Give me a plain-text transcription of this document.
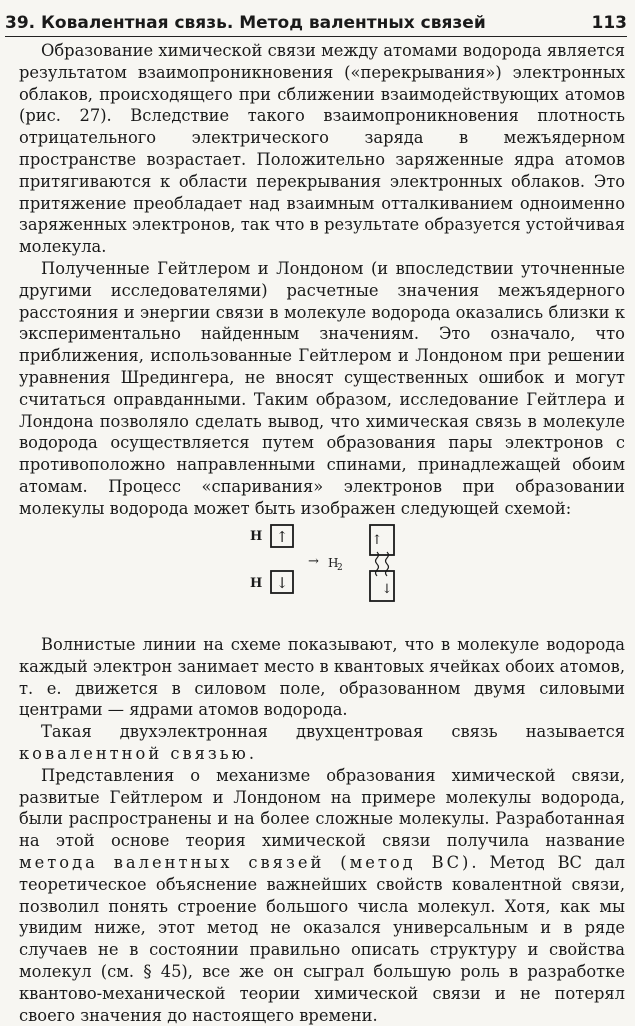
39. Ковалентная связь. Метод валентных связей	113

Образование химической связи между атомами водорода является результатом взаимопроникновения («перекрывания») электронных облаков, происходящего при сближении взаимодействующих атомов (рис. 27). Вследствие такого взаимопроникновения плотность отрицательного электрического заряда в межъядерном пространстве возрастает. Положительно заряженные ядра атомов притягиваются к области перекрывания электронных облаков. Это притяжение преобладает над взаимным отталкиванием одноименно заряженных электронов, так что в результате образуется устойчивая молекула.

Полученные Гейтлером и Лондоном (и впоследствии уточненные другими исследователями) расчетные значения межъядерного расстояния и энергии связи в молекуле водорода оказались близки к экспериментально найденным значениям. Это означало, что приближения, использованные Гейтлером и Лондоном при решении уравнения Шредингера, не вносят существенных ошибок и могут считаться оправданными. Таким образом, исследование Гейтлера и Лондона позволяло сделать вывод, что химическая связь в молекуле водорода осуществляется путем образования пары электронов с противоположно направленными спинами, принадлежащей обоим атомам. Процесс «спаривания» электронов при образовании молекулы водорода может быть изображен следующей схемой:

H ↑
H ↓
→ H
2
↑
↓

Волнистые линии на схеме показывают, что в молекуле водорода каждый электрон занимает место в квантовых ячейках обоих атомов, т. е. движется в силовом поле, образованном двумя силовыми центрами — ядрами атомов водорода.

Такая двухэлектронная двухцентровая связь называется ковалентной связью.

Представления о механизме образования химической связи, развитые Гейтлером и Лондоном на примере молекулы водорода, были распространены и на более сложные молекулы. Разработанная на этой основе теория химической связи получила название метода валентных связей (метод ВС). Метод ВС дал теоретическое объяснение важнейших свойств ковалентной связи, позволил понять строение большого числа молекул. Хотя, как мы увидим ниже, этот метод не оказался универсальным и в ряде случаев не в состоянии правильно описать структуру и свойства молекул (см. § 45), все же он сыграл большую роль в разработке квантово-механической теории химической связи и не потерял своего значения до настоящего времени.
